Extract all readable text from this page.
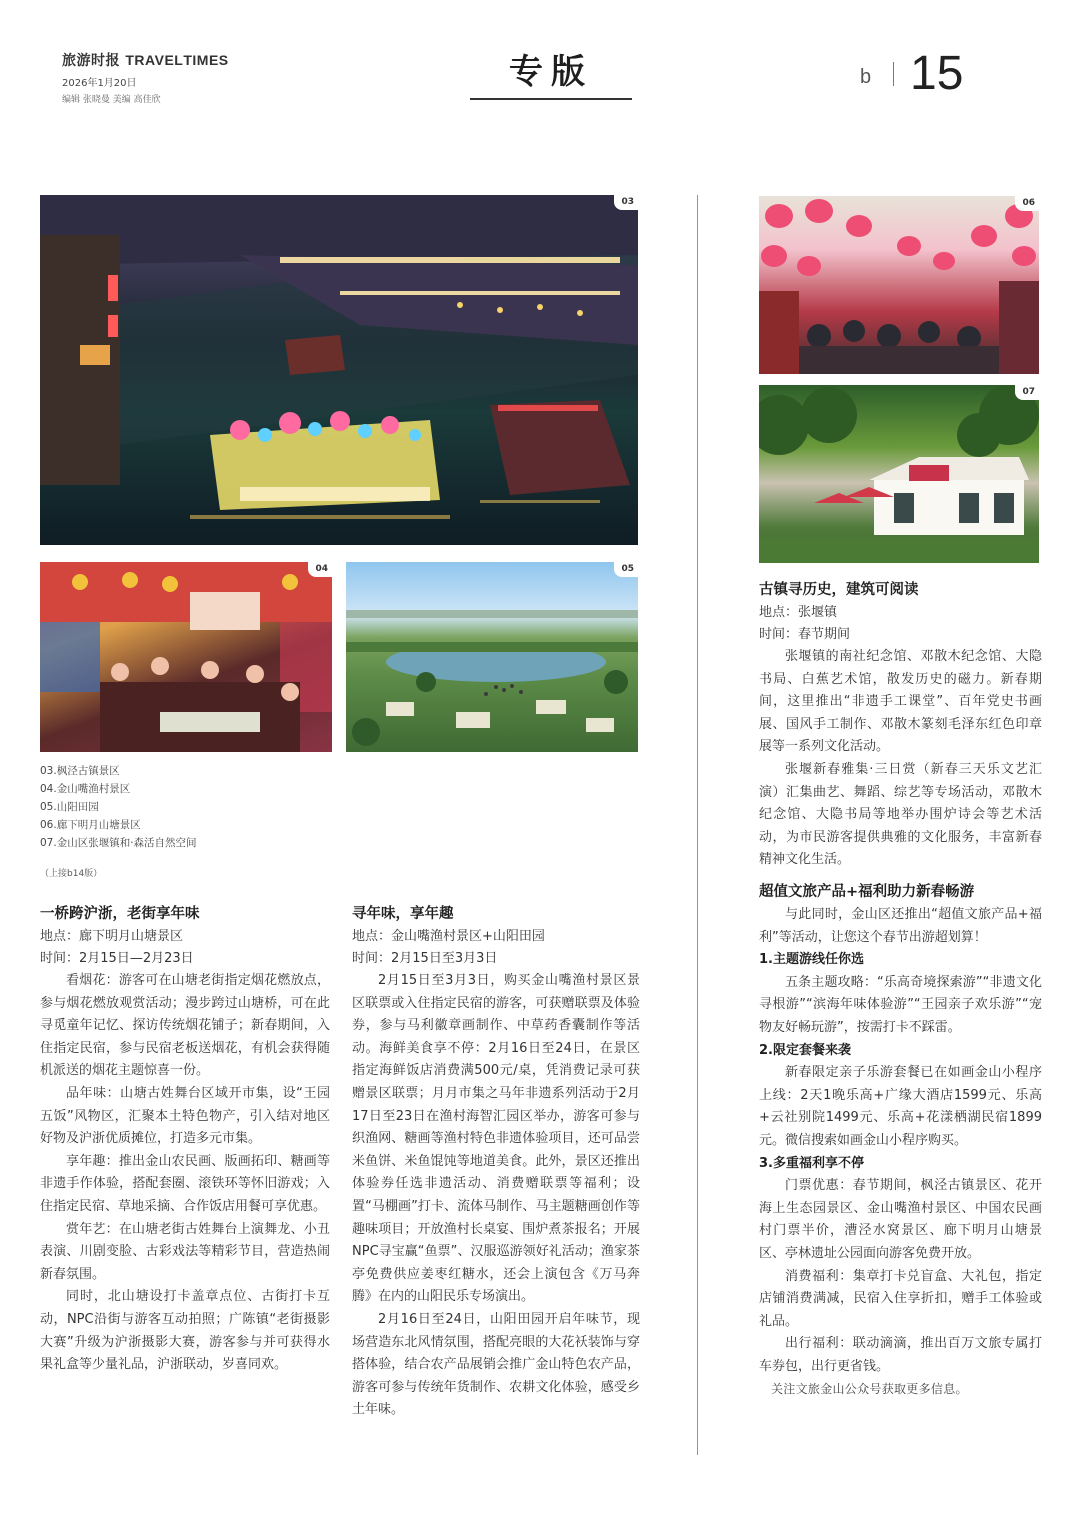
旅游时报 TRAVELTIMES
2026年1月20日
编辑 张晓曼 美编 高佳欣
专版	b 15
03
04	05
06
07
03.枫泾古镇景区
04.金山嘴渔村景区
05.山阳田园
06.廊下明月山塘景区
07.金山区张堰镇和·森活自然空间
（上接b14版）
一桥跨沪浙，老街享年味
地点：廊下明月山塘景区
时间：2月15日—2月23日

看烟花：游客可在山塘老街指定烟花燃放点，参与烟花燃放观赏活动；漫步跨过山塘桥，可在此寻觅童年记忆、探访传统烟花铺子；新春期间，入住指定民宿，参与民宿老板送烟花，有机会获得随机派送的烟花主题惊喜一份。

品年味：山塘古姓舞台区域开市集，设“王园五饭”风物区，汇聚本土特色物产，引入结对地区好物及沪浙优质摊位，打造多元市集。

享年趣：推出金山农民画、版画拓印、糖画等非遗手作体验，搭配套圈、滚铁环等怀旧游戏；入住指定民宿、草地采摘、合作饭店用餐可享优惠。

赏年艺：在山塘老街古姓舞台上演舞龙、小丑表演、川剧变脸、古彩戏法等精彩节目，营造热闹新春氛围。

同时，北山塘设打卡盖章点位、古街打卡互动，NPC沿街与游客互动拍照；广陈镇“老街摄影大赛”升级为沪浙摄影大赛，游客参与并可获得水果礼盒等少量礼品，沪浙联动，岁喜同欢。

寻年味，享年趣
地点：金山嘴渔村景区+山阳田园
时间：2月15日至3月3日

2月15日至3月3日，购买金山嘴渔村景区景区联票或入住指定民宿的游客，可获赠联票及体验券，参与马利徽章画制作、中草药香囊制作等活动。海鲜美食享不停：2月16日至24日，在景区指定海鲜饭店消费满500元/桌，凭消费记录可获赠景区联票；月月市集之马年非遗系列活动于2月17日至23日在渔村海智汇园区举办，游客可参与织渔网、糖画等渔村特色非遗体验项目，还可品尝米鱼饼、米鱼馄饨等地道美食。此外，景区还推出体验券任选非遗活动、消费赠联票等福利；设置“马棚画”打卡、流体马制作、马主题糖画创作等趣味项目；开放渔村长桌宴、围炉煮茶报名；开展NPC寻宝赢“鱼票”、汉服巡游领好礼活动；渔家茶亭免费供应姜枣红糖水，还会上演包含《万马奔腾》在内的山阳民乐专场演出。

2月16日至24日，山阳田园开启年味节，现场营造东北风情氛围，搭配亮眼的大花袄装饰与穿搭体验，结合农产品展销会推广金山特色农产品，游客可参与传统年货制作、农耕文化体验，感受乡土年味。

古镇寻历史，建筑可阅读
地点：张堰镇
时间：春节期间

张堰镇的南社纪念馆、邓散木纪念馆、大隐书局、白蕉艺术馆，散发历史的磁力。新春期间，这里推出“非遗手工课堂”、百年党史书画展、国风手工制作、邓散木篆刻毛泽东红色印章展等一系列文化活动。

张堰新春雅集·三日赏（新春三天乐文艺汇演）汇集曲艺、舞蹈、综艺等专场活动，邓散木纪念馆、大隐书局等地举办围炉诗会等艺术活动，为市民游客提供典雅的文化服务，丰富新春精神文化生活。

超值文旅产品+福利助力新春畅游

与此同时，金山区还推出“超值文旅产品+福利”等活动，让您这个春节出游超划算！

1.主题游线任你选

五条主题攻略：“乐高奇境探索游”“非遗文化寻根游”“滨海年味体验游”“王园亲子欢乐游”“宠物友好畅玩游”，按需打卡不踩雷。

2.限定套餐来袭

新春限定亲子乐游套餐已在如画金山小程序上线：2天1晚乐高+广缘大酒店1599元、乐高+云社别院1499元、乐高+花漾栖湖民宿1899元。微信搜索如画金山小程序购买。

3.多重福利享不停

门票优惠：春节期间，枫泾古镇景区、花开海上生态园景区、金山嘴渔村景区、中国农民画村门票半价，漕泾水窝景区、廊下明月山塘景区、亭林遗址公园面向游客免费开放。

消费福利：集章打卡兑盲盒、大礼包，指定店铺消费满减，民宿入住享折扣，赠手工体验或礼品。

出行福利：联动滴滴，推出百万文旅专属打车券包，出行更省钱。

关注文旅金山公众号获取更多信息。
